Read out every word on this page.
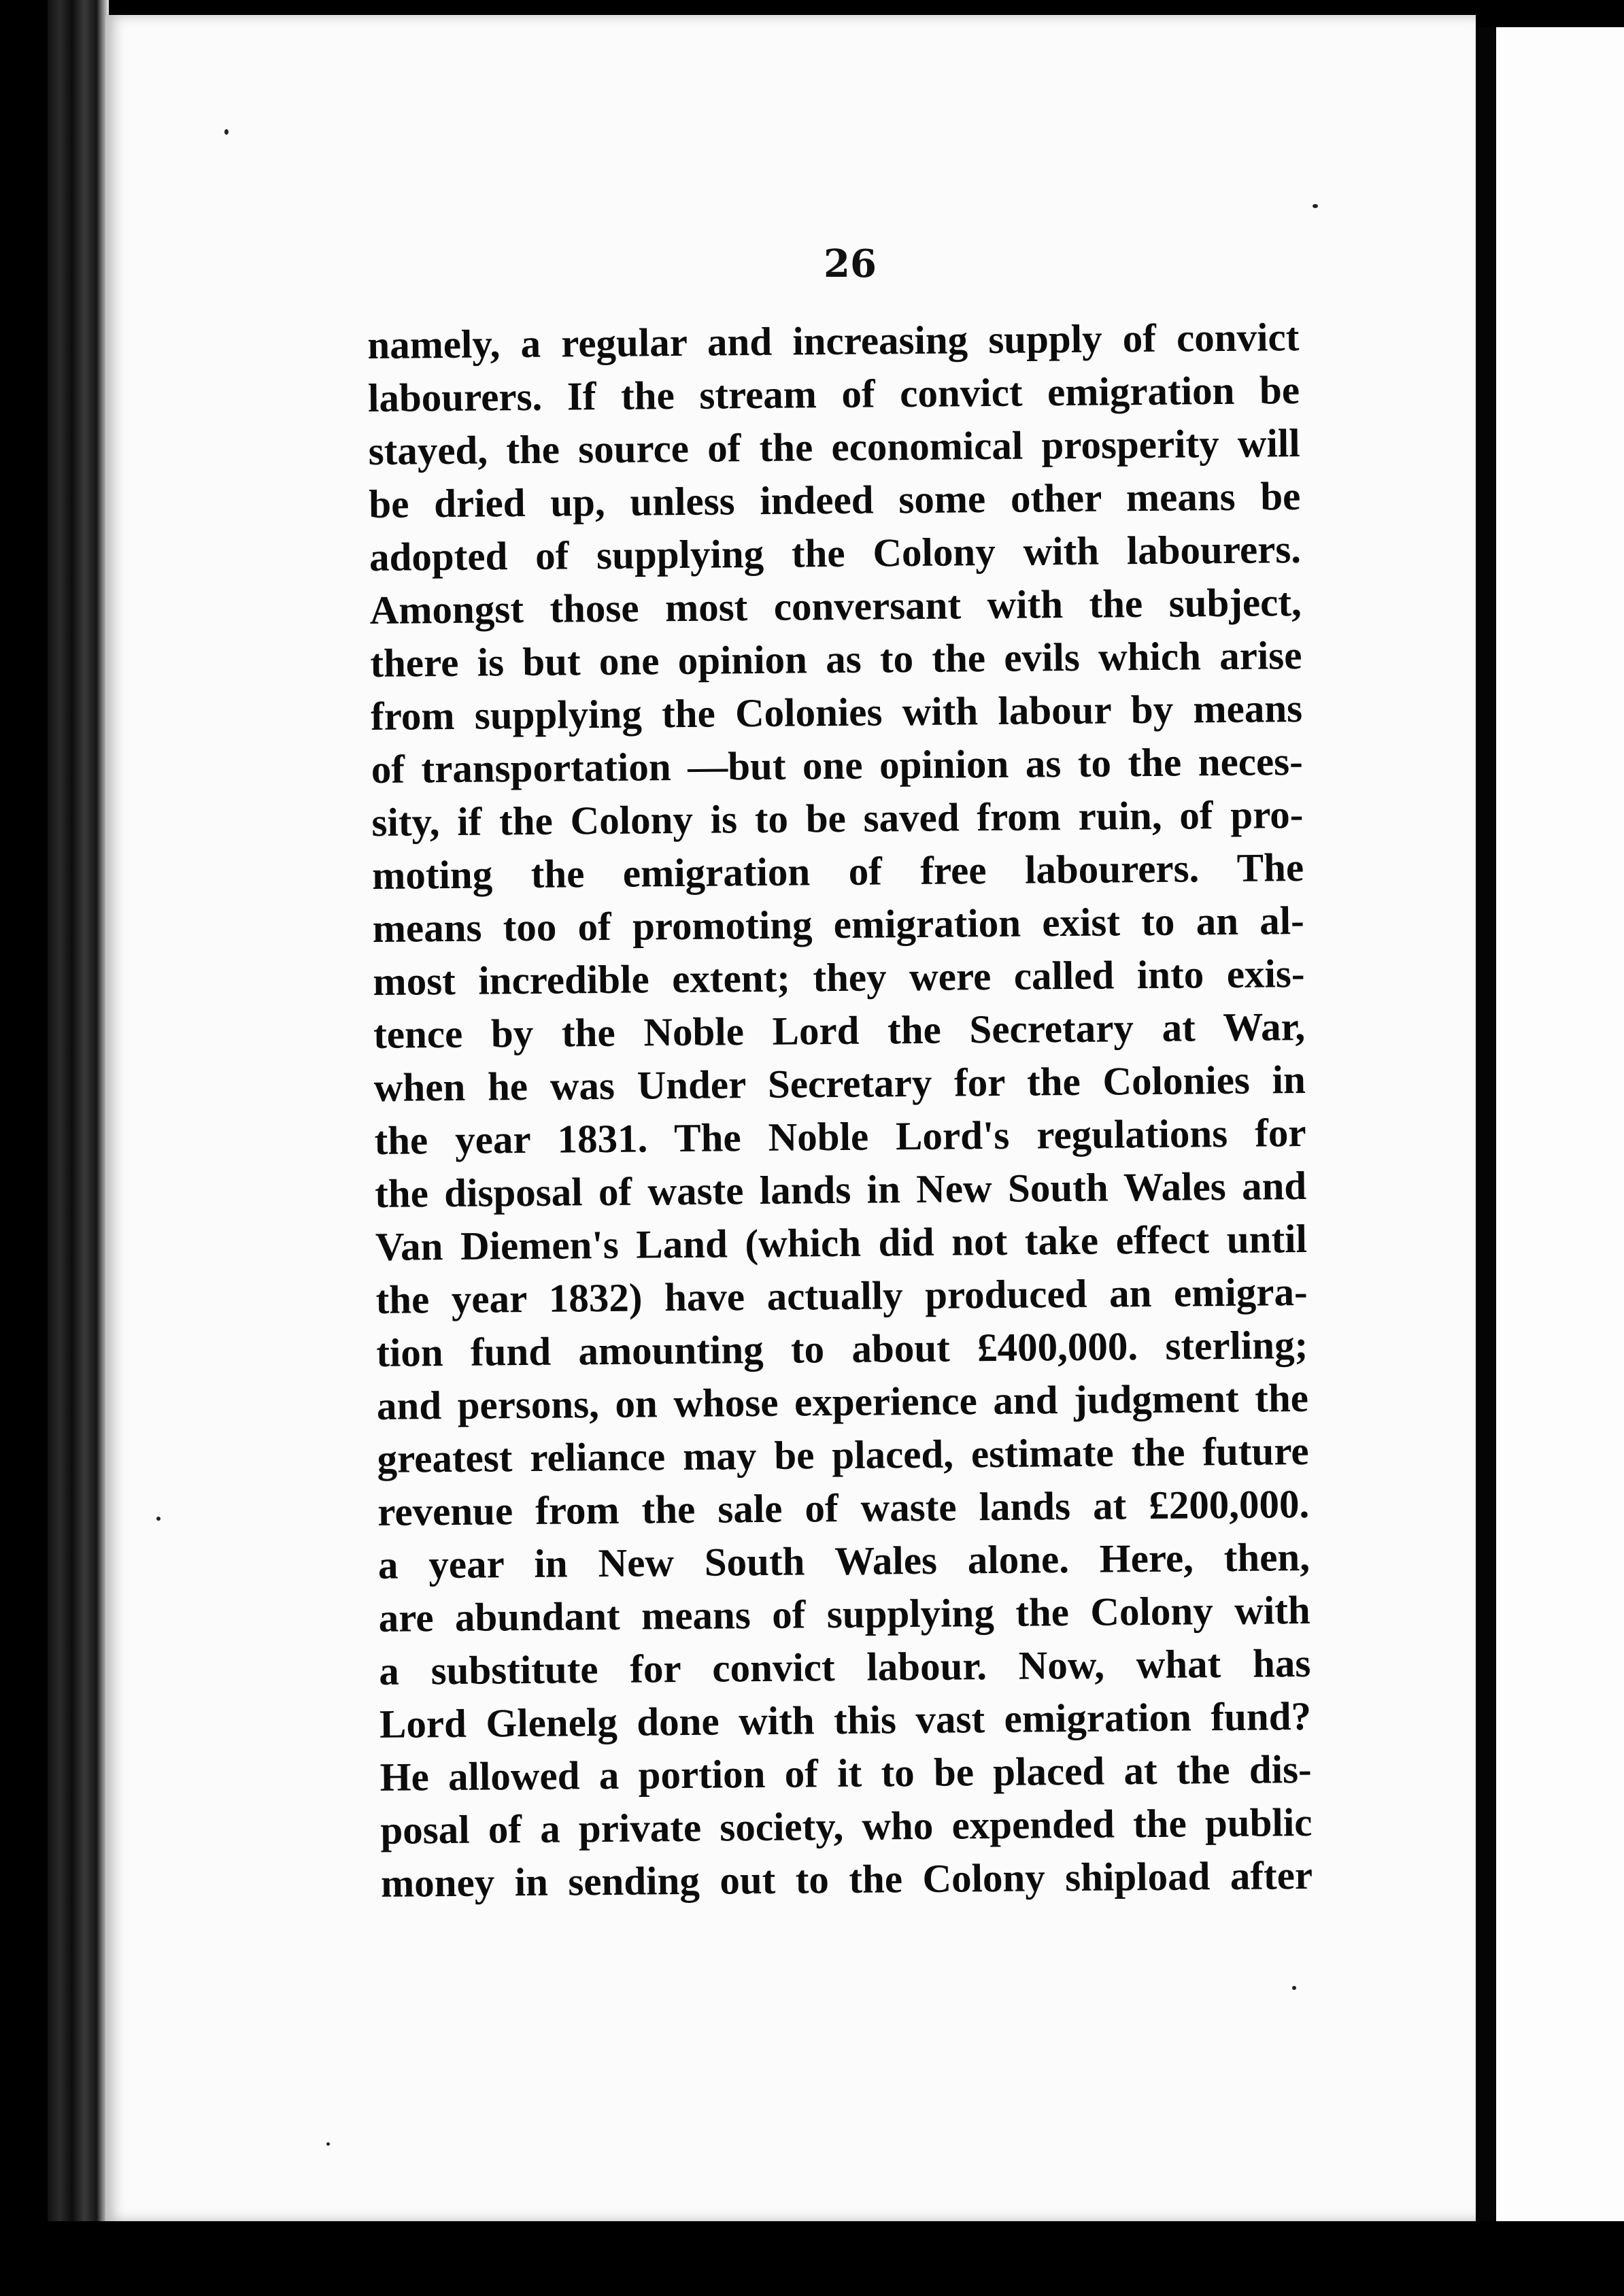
26
namely, a regular and increasing supply of convict
labourers. If the stream of convict emigration be
stayed, the source of the economical prosperity will
be dried up, unless indeed some other means be
adopted of supplying the Colony with labourers.
Amongst those most conversant with the subject,
there is but one opinion as to the evils which arise
from supplying the Colonies with labour by means
of transportation —but one opinion as to the neces-
sity, if the Colony is to be saved from ruin, of pro-
moting the emigration of free labourers. The
means too of promoting emigration exist to an al-
most incredible extent; they were called into exis-
tence by the Noble Lord the Secretary at War,
when he was Under Secretary for the Colonies in
the year 1831. The Noble Lord's regulations for
the disposal of waste lands in New South Wales and
Van Diemen's Land (which did not take effect until
the year 1832) have actually produced an emigra-
tion fund amounting to about £400,000. sterling;
and persons, on whose experience and judgment the
greatest reliance may be placed, estimate the future
revenue from the sale of waste lands at £200,000.
a year in New South Wales alone. Here, then,
are abundant means of supplying the Colony with
a substitute for convict labour. Now, what has
Lord Glenelg done with this vast emigration fund?
He allowed a portion of it to be placed at the dis-
posal of a private society, who expended the public
money in sending out to the Colony shipload after
